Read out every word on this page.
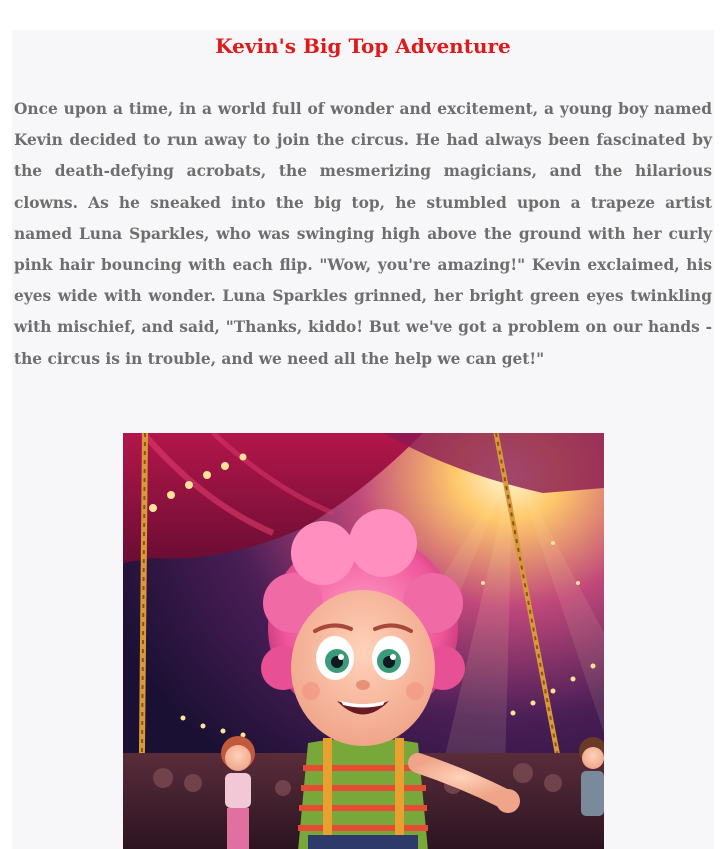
Kevin's Big Top Adventure

Once upon a time, in a world full of wonder and excitement, a young boy named Kevin decided to run away to join the circus. He had always been fascinated by the death-defying acrobats, the mesmerizing magicians, and the hilarious clowns. As he sneaked into the big top, he stumbled upon a trapeze artist named Luna Sparkles, who was swinging high above the ground with her curly pink hair bouncing with each flip. "Wow, you're amazing!" Kevin exclaimed, his eyes wide with wonder. Luna Sparkles grinned, her bright green eyes twinkling with mischief, and said, "Thanks, kiddo! But we've got a problem on our hands - the circus is in trouble, and we need all the help we can get!"
